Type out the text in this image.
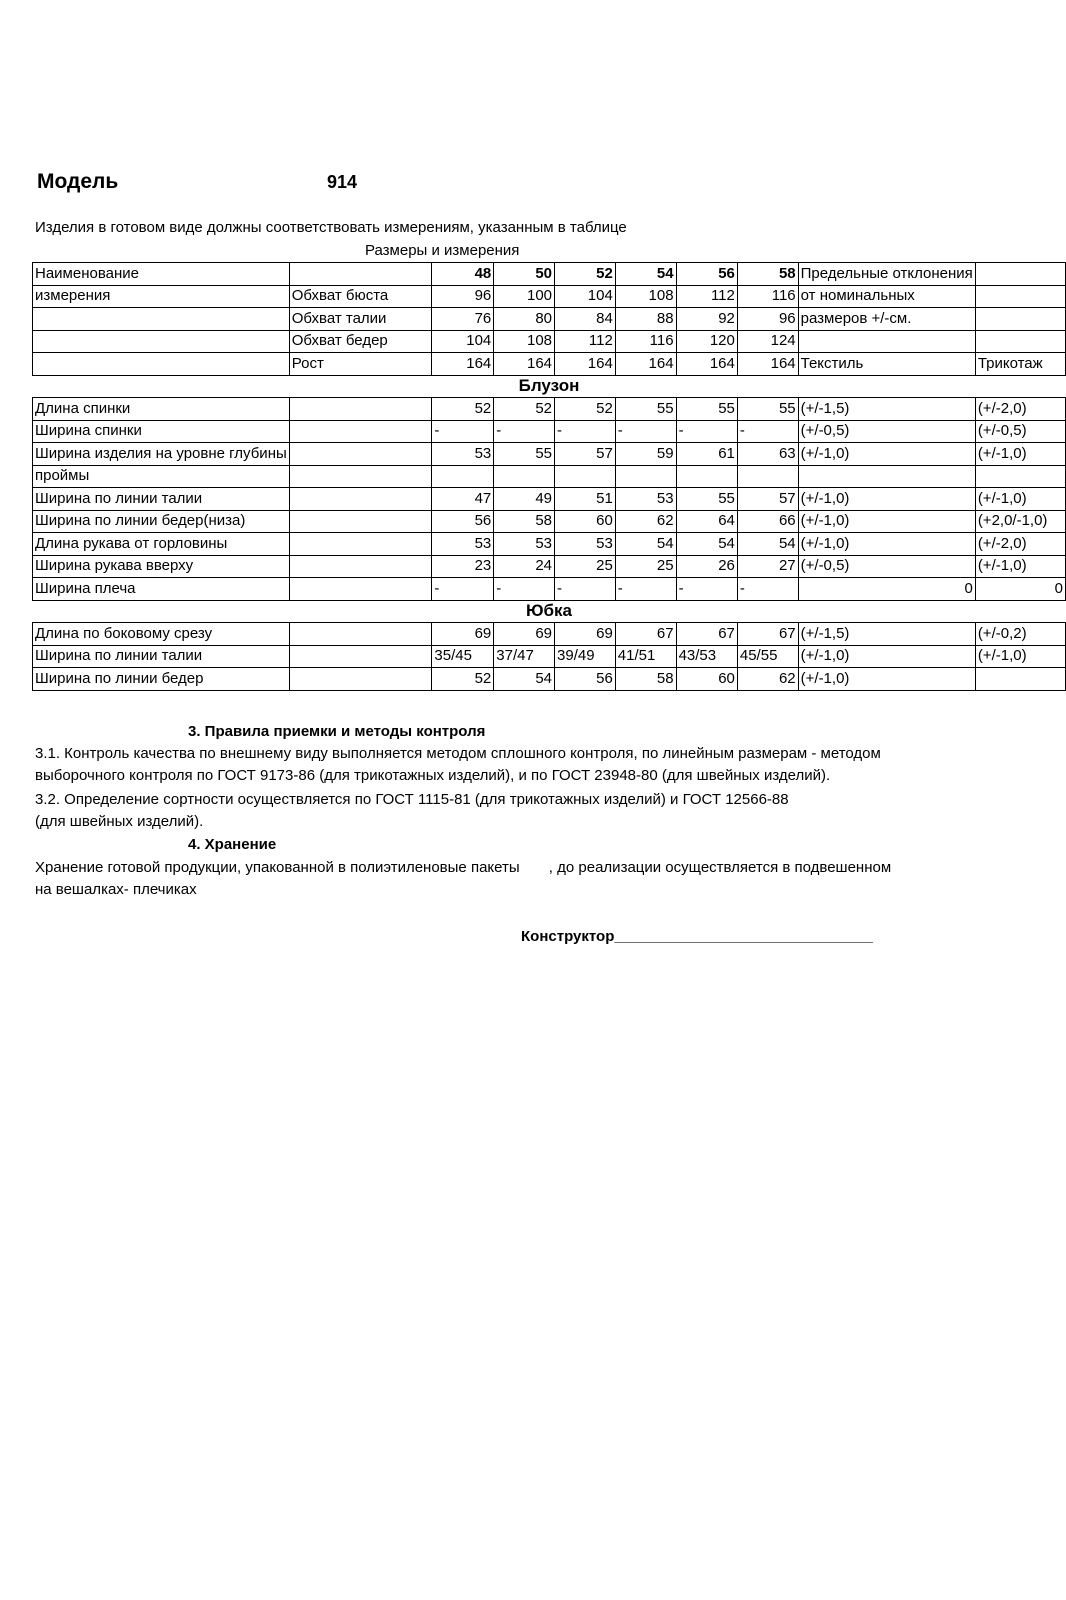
Модель	914
Изделия в готовом виде должны соответствовать измерениям, указанным в таблице
Размеры и измерения
Наименование		48	50	52	54	56	58	Предельные отклонения	
измерения	Обхват бюста	96	100	104	108	112	116	от номинальных	
	Обхват талии	76	80	84	88	92	96	размеров +/-см.	
	Обхват бедер	104	108	112	116	120	124		
	Рост	164	164	164	164	164	164	Текстиль	Трикотаж
Блузон									
Длина спинки		52	52	52	55	55	55	(+/-1,5)	(+/-2,0)
Ширина спинки		-	-	-	-	-	-	(+/-0,5)	(+/-0,5)
Ширина изделия на уровне глубины		53	55	57	59	61	63	(+/-1,0)	(+/-1,0)
проймы									
Ширина по линии талии		47	49	51	53	55	57	(+/-1,0)	(+/-1,0)
Ширина по линии бедер(низа)		56	58	60	62	64	66	(+/-1,0)	(+2,0/-1,0)
Длина рукава от горловины		53	53	53	54	54	54	(+/-1,0)	(+/-2,0)
Ширина рукава вверху		23	24	25	25	26	27	(+/-0,5)	(+/-1,0)
Ширина плеча		-	-	-	-	-	-	0	0
Юбка									
Длина по боковому срезу		69	69	69	67	67	67	(+/-1,5)	(+/-0,2)
Ширина по линии талии		35/45	37/47	39/49	41/51	43/53	45/55	(+/-1,0)	(+/-1,0)
Ширина по линии бедер		52	54	56	58	60	62	(+/-1,0)	
3. Правила приемки и методы контроля
3.1. Контроль качества по внешнему виду выполняется методом сплошного контроля, по линейным размерам - методом
выборочного контроля по ГОСТ 9173-86 (для трикотажных изделий), и по ГОСТ 23948-80 (для швейных изделий).
3.2. Определение сортности осуществляется по ГОСТ 1115-81 (для трикотажных изделий) и ГОСТ 12566-88
(для швейных изделий).
4. Хранение
Хранение готовой продукции, упакованной в полиэтиленовые пакеты       , до реализации осуществляется в подвешенном
на вешалках- плечиках
Конструктор_______________________________
